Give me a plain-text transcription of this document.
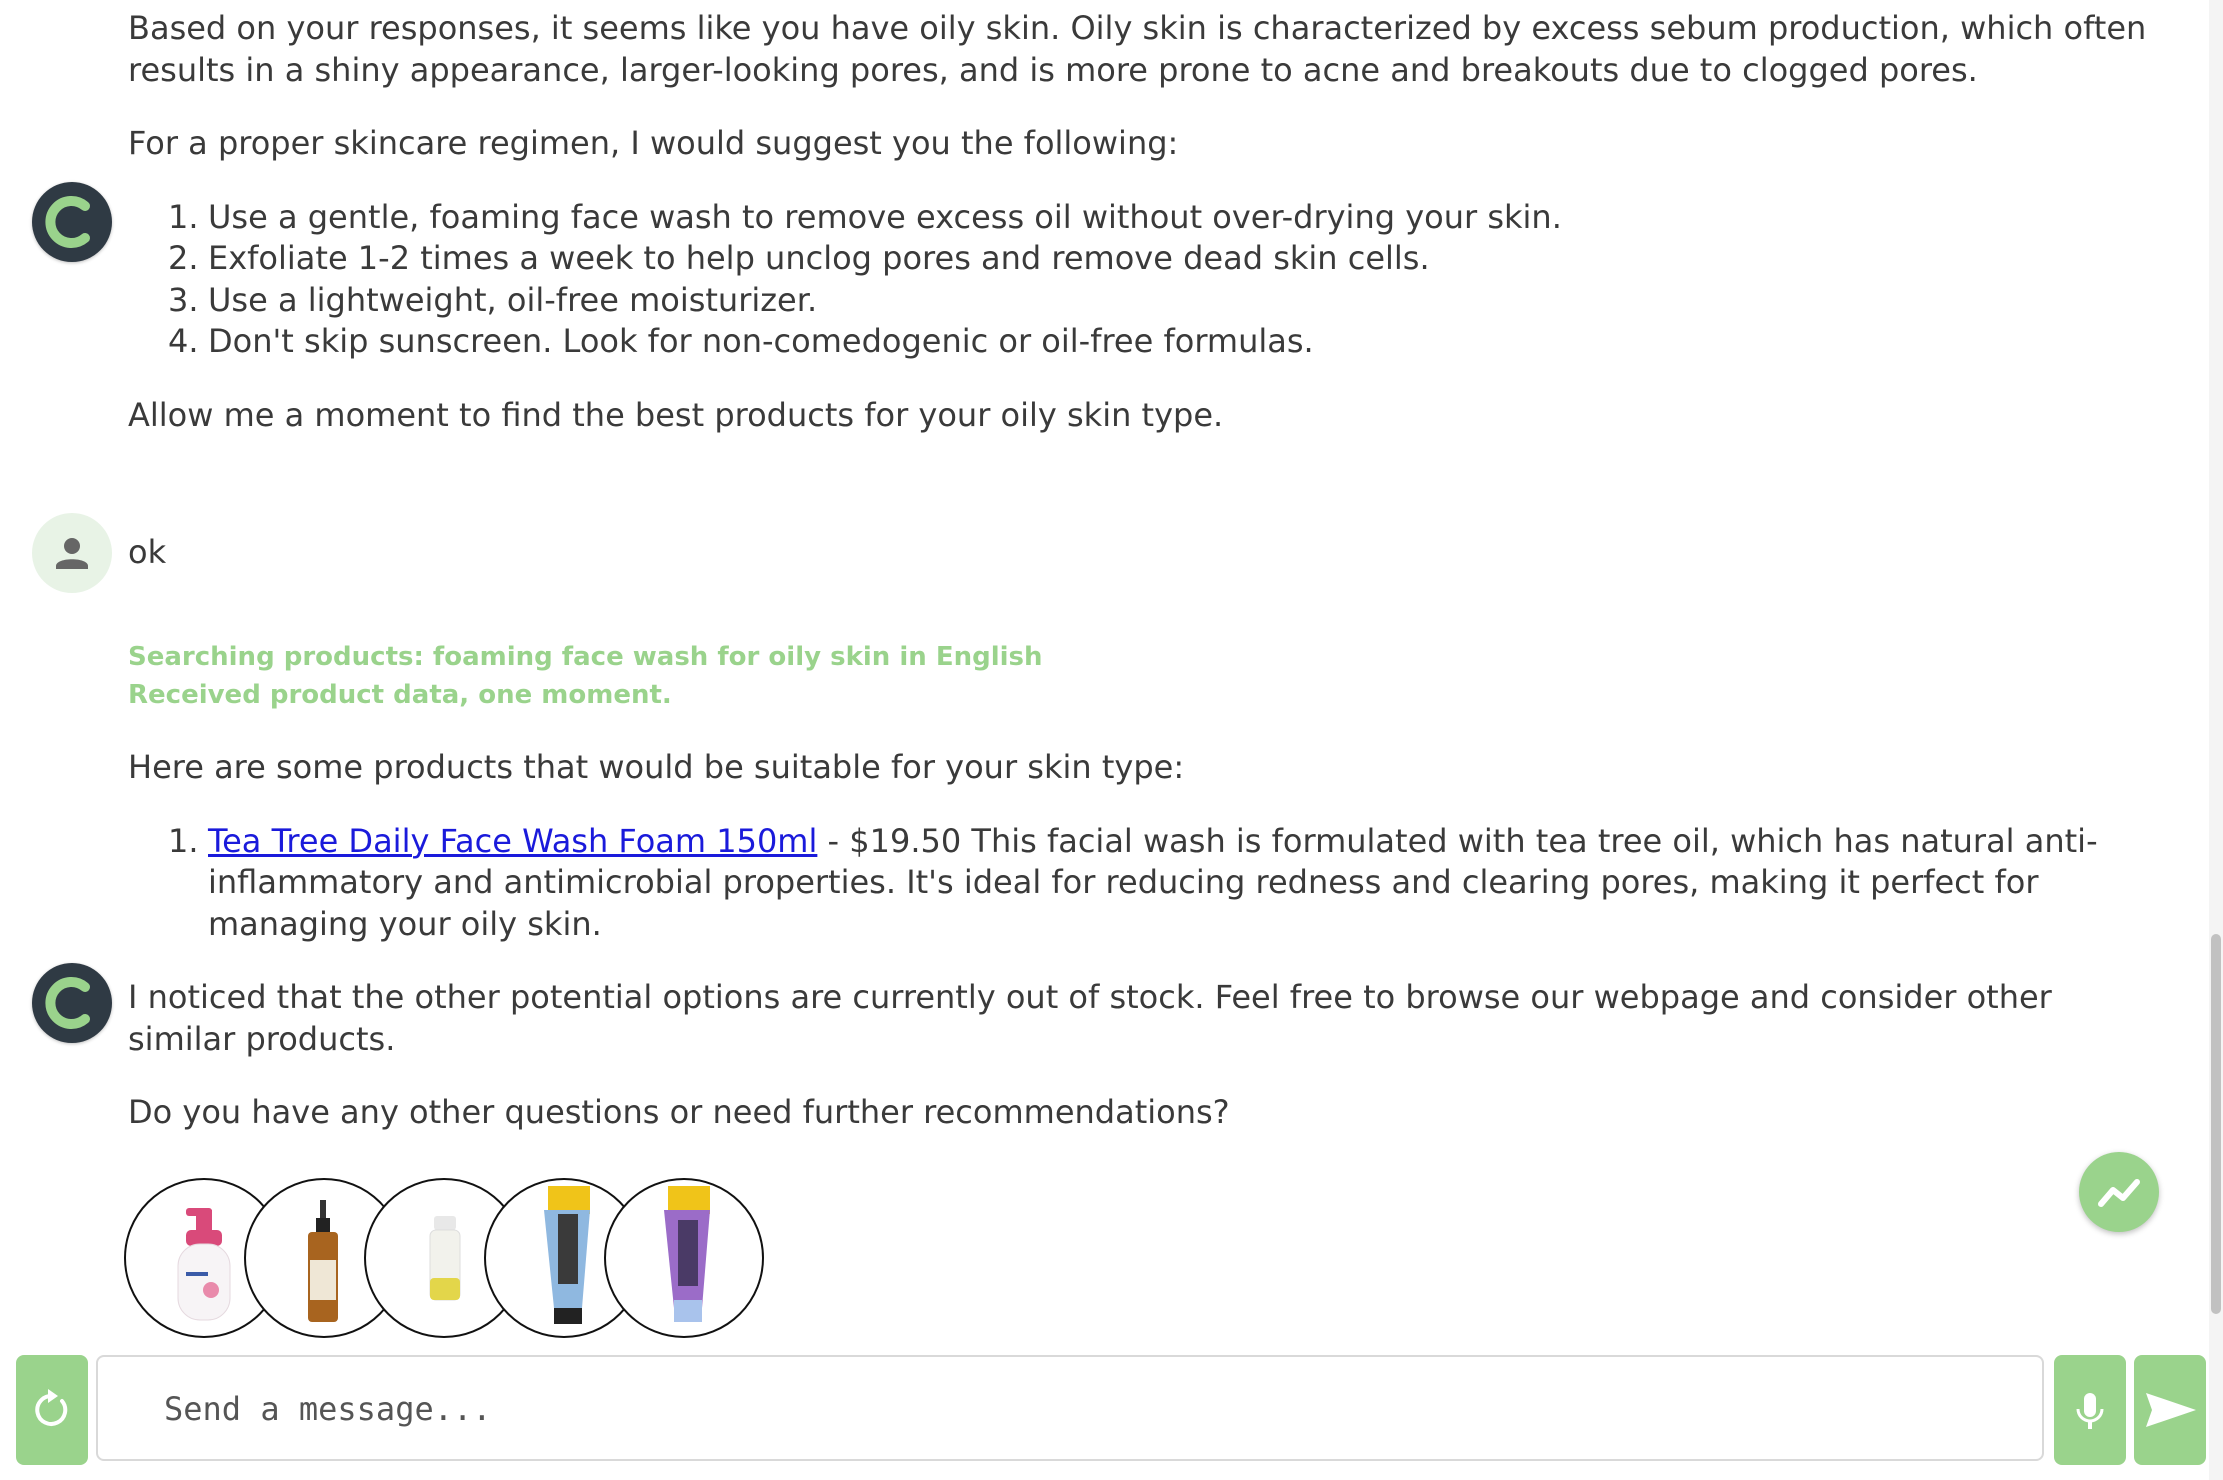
Based on your responses, it seems like you have oily skin. Oily skin is characterized by excess sebum production, which often results in a shiny appearance, larger-looking pores, and is more prone to acne and breakouts due to clogged pores.

For a proper skincare regimen, I would suggest you the following:

1. Use a gentle, foaming face wash to remove excess oil without over-drying your skin.
2. Exfoliate 1-2 times a week to help unclog pores and remove dead skin cells.
3. Use a lightweight, oil-free moisturizer.
4. Don't skip sunscreen. Look for non-comedogenic or oil-free formulas.

Allow me a moment to find the best products for your oily skin type.

ok
Searching products: foaming face wash for oily skin in English
Received product data, one moment.

Here are some products that would be suitable for your skin type:

1. Tea Tree Daily Face Wash Foam 150ml - $19.50 This facial wash is formulated with tea tree oil, which has natural anti-inflammatory and antimicrobial properties. It's ideal for reducing redness and clearing pores, making it perfect for managing your oily skin.

I noticed that the other potential options are currently out of stock. Feel free to browse our webpage and consider other similar products.

Do you have any other questions or need further recommendations?

Send a message...
